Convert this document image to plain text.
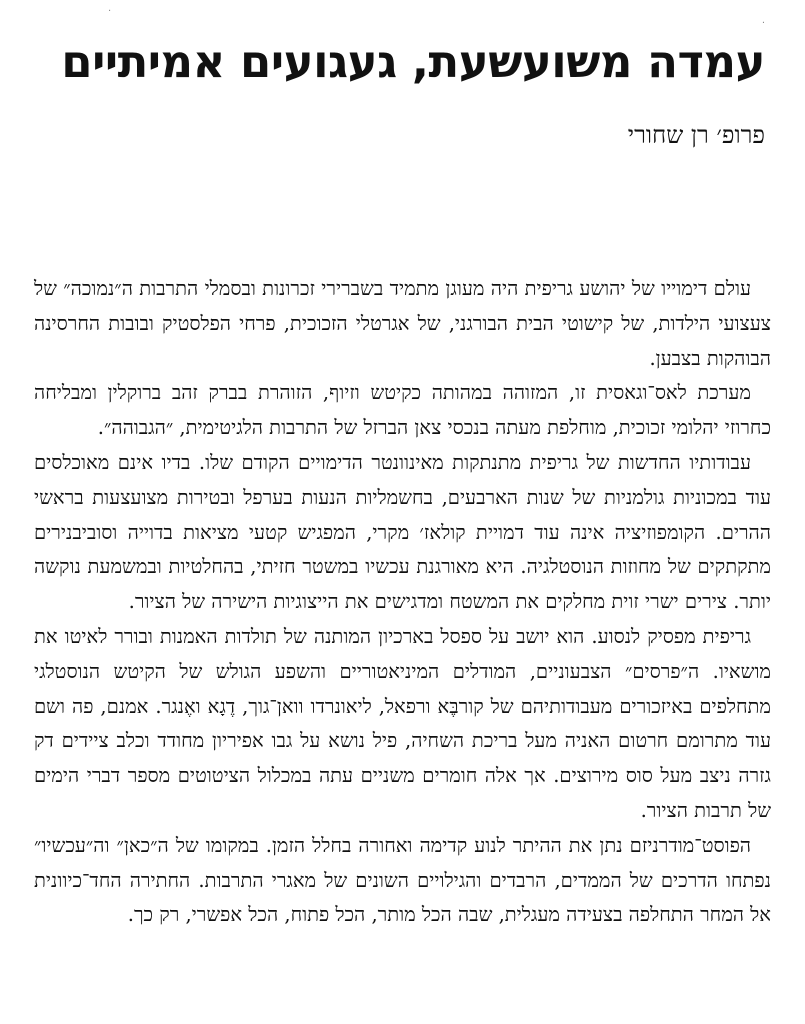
·
·
עמדה משועשעת, געגועים אמיתיים
פרופ׳ רן שחורי

עולם דימוייו של יהושע גריפית היה מעוגן מתמיד בשברירי זכרונות ובסמלי התרבות ה״נמוכה״ של צעצועי הילדות, של קישוטי הבית הבורגני, של אגרטלי הזכוכית, פרחי הפלסטיק ובובות החרסינה הבוהקות בצבען.

מערכת לאס־וגאסית זו, המזוהה במהותה כקיטש וזיוף, הזוהרת בברק זהב ברוקלין ומבליחה כחרוזי יהלומי זכוכית, מוחלפת מעתה בנכסי צאן הברזל של התרבות הלגיטימית, ״הגבוהה״.

עבודותיו החדשות של גריפית מתנתקות מאינוונטר הדימויים הקודם שלו. בדיו אינם מאוכלסים עוד במכוניות גולמניות של שנות הארבעים, בחשמליות הנעות בערפל ובטירות מצועצעות בראשי ההרים. הקומפוזיציה אינה עוד דמויית קולאז׳ מקרי, המפגיש קטעי מציאות בדוייה וסוביבנירים מתקתקים של מחוזות הנוסטלגיה. היא מאורגנת עכשיו במשטר חזיתי, בהחלטיות ובמשמעת נוקשה יותר. צירים ישרי זוית מחלקים את המשטח ומדגישים את הייצוגיות הישירה של הציור.

גריפית מפסיק לנסוע. הוא יושב על ספסל בארכיון המותנה של תולדות האמנות ובורר לאיטו את מושאיו. ה״פרסים״ הצבעוניים, המודלים המיניאטוריים והשפע הגולש של הקיטש הנוסטלגי מתחלפים באיזכורים מעבודותיהם של קורבֶּא ורפאל, ליאונרדו וואן־גוך, דֶגָא ואֶנגר. אמנם, פה ושם עוד מתרומם חרטום האניה מעל בריכת השחיה, פיל נושא על גבו אפיריון מחודד וכלב ציידים דק גזרה ניצב מעל סוס מירוצים. אך אלה חומרים משניים עתה במכלול הציטוטים מספר דברי הימים של תרבות הציור.

הפוסט־מודרניזם נתן את ההיתר לנוע קדימה ואחורה בחלל הזמן. במקומו של ה״כאן״ וה״עכשיו״ נפתחו הדרכים של הממדים, הרבדים והגילויים השונים של מאגרי התרבות. החתירה החד־כיוונית אל המחר התחלפה בצעידה מעגלית, שבה הכל מותר, הכל פתוח, הכל אפשרי, רק כך.
